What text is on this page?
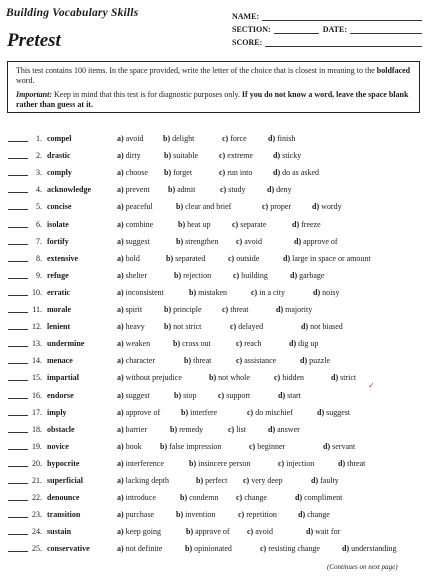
Building Vocabulary Skills
Pretest
NAME:
SECTION:	DATE:
SCORE:

This test contains 100 items. In the space provided, write the letter of the choice that is closest in meaning to the boldfaced word.

Important: Keep in mind that this test is for diagnostic purposes only. If you do not know a word, leave the space blank rather than guess at it.

1. compel	a) avoid b) delight	c) force	d) finish
2. drastic	a) dirty	b) suitable	c) extreme	d) sticky
3. comply	a) choose b) forget	c) run into	d) do as asked
4. acknowledge	a) prevent b) admit	c) study	d) deny
5. concise	a) peaceful	b) clear and brief	c) proper	d) wordy
6. isolate	a) combine	b) heat up	c) separate	d) freeze
7. fortify	a) suggest	b) strengthen c) avoid	d) approve of
8. extensive	a) bold	b) separated	c) outside	d) large in space or amount
9. refuge	a) shelter	b) rejection	c) building	d) garbage
10. erratic	a) inconsistent	b) mistaken	c) in a city	d) noisy
11. morale	a) spirit	b) principle	c) threat	d) majority
12. lenient	a) heavy b) not strict	c) delayed	d) not biased
13. undermine	a) weaken	b) cross out	c) reach	d) dig up
14. menace	a) character	b) threat	c) assistance	d) puzzle
15. impartial	a) without prejudice	b) not whole	c) hidden	d) strict
16. endorse	a) suggest	b) stop	c) support	d) start
17. imply	a) approve of	b) interfere	c) do mischief	d) suggest
18. obstacle	a) barrier	b) remedy	c) list	d) answer
19. novice	a) book b) false impression	c) beginner	d) servant
20. hypocrite	a) interference	b) insincere person	c) injection	d) threat
21. superficial	a) lacking depth	b) perfect c) very deep	d) faulty
22. denounce	a) introduce	b) condemn c) change	d) compliment
23. transition	a) purchase	b) invention	c) repetition	d) change
24. sustain	a) keep going	b) approve of c) avoid	d) wait for
25. conservative	a) not definite	b) opinionated	c) resisting change	d) understanding
✓
(Continues on next page)
